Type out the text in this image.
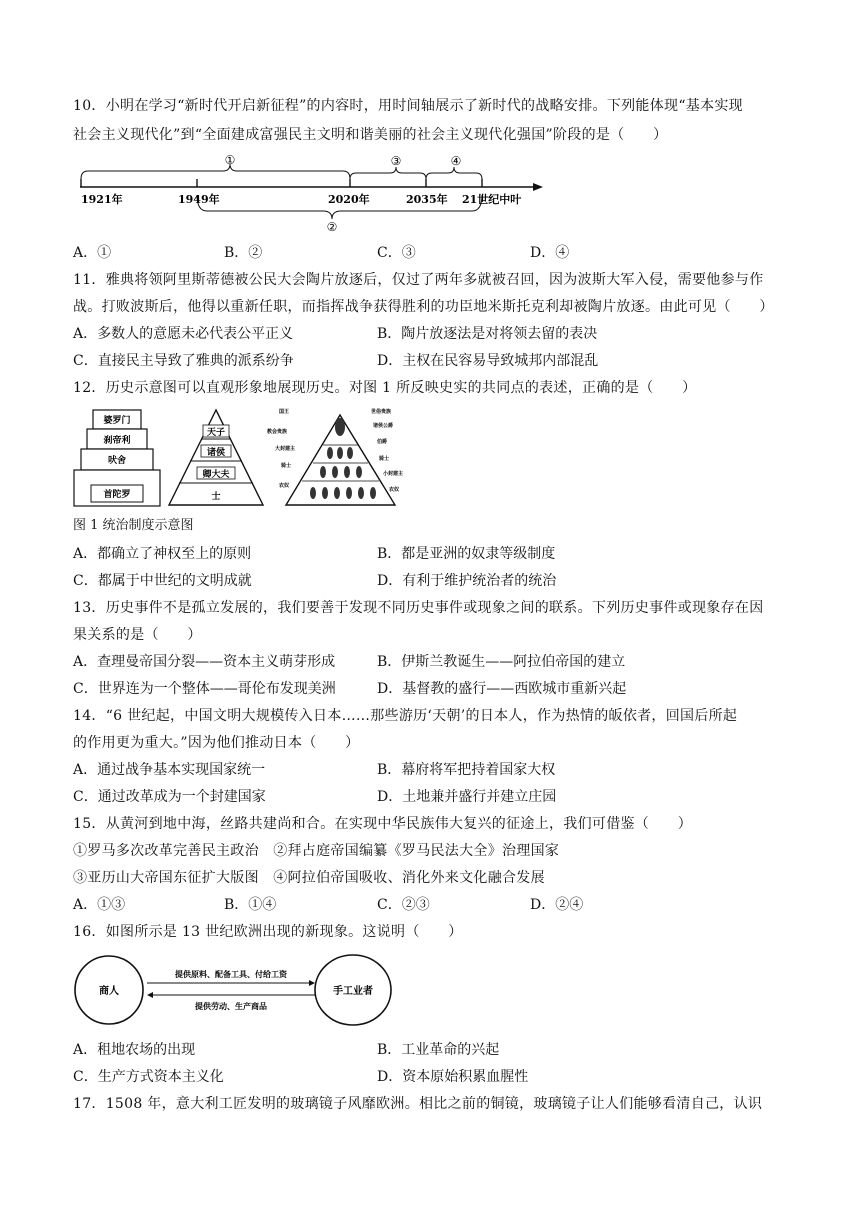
10．小明在学习“新时代开启新征程”的内容时，用时间轴展示了新时代的战略安排。下列能体现“基本实现
社会主义现代化”到“全面建成富强民主文明和谐美丽的社会主义现代化强国”阶段的是（　　）
①	③	④
②
1921年	1949年	2020年	2035年 21世纪中叶
A．①	B．②	C．③	D．④
11．雅典将领阿里斯蒂德被公民大会陶片放逐后，仅过了两年多就被召回，因为波斯大军入侵，需要他参与作
战。打败波斯后，他得以重新任职，而指挥战争获得胜利的功臣地米斯托克利却被陶片放逐。由此可见（　　）
A．多数人的意愿未必代表公平正义	B．陶片放逐法是对将领去留的表决
C．直接民主导致了雅典的派系纷争	D．主权在民容易导致城邦内部混乱
12．历史示意图可以直观形象地展现历史。对图 1 所反映史实的共同点的表述，正确的是（　　）
婆罗门
刹帝利
吠舍
首陀罗
天子
诸侯
卿大夫
士
国王
教会贵族
大封建主
骑士
农奴
世俗贵族
诸侯公爵
伯爵
骑士
小封建主
农奴
图 1 统治制度示意图
A．都确立了神权至上的原则	B．都是亚洲的奴隶等级制度
C．都属于中世纪的文明成就	D．有利于维护统治者的统治
13．历史事件不是孤立发展的，我们要善于发现不同历史事件或现象之间的联系。下列历史事件或现象存在因
果关系的是（　　）
A．查理曼帝国分裂——资本主义萌芽形成	B．伊斯兰教诞生——阿拉伯帝国的建立
C．世界连为一个整体——哥伦布发现美洲	D．基督教的盛行——西欧城市重新兴起
14．“6 世纪起，中国文明大规模传入日本……那些游历‘天朝’的日本人，作为热情的皈依者，回国后所起
的作用更为重大。”因为他们推动日本（　　）
A．通过战争基本实现国家统一	B．幕府将军把持着国家大权
C．通过改革成为一个封建国家	D．土地兼并盛行并建立庄园
15．从黄河到地中海，丝路共建尚和合。在实现中华民族伟大复兴的征途上，我们可借鉴（　　）
①罗马多次改革完善民主政治　②拜占庭帝国编纂《罗马民法大全》治理国家
③亚历山大帝国东征扩大版图　④阿拉伯帝国吸收、消化外来文化融合发展
A．①③	B．①④	C．②③	D．②④
16．如图所示是 13 世纪欧洲出现的新现象。这说明（　　）
商人	手工业者
提供原料、配备工具、付给工资
提供劳动、生产商品
A．租地农场的出现	B．工业革命的兴起
C．生产方式资本主义化	D．资本原始积累血腥性
17．1508 年，意大利工匠发明的玻璃镜子风靡欧洲。相比之前的铜镜，玻璃镜子让人们能够看清自己，认识
